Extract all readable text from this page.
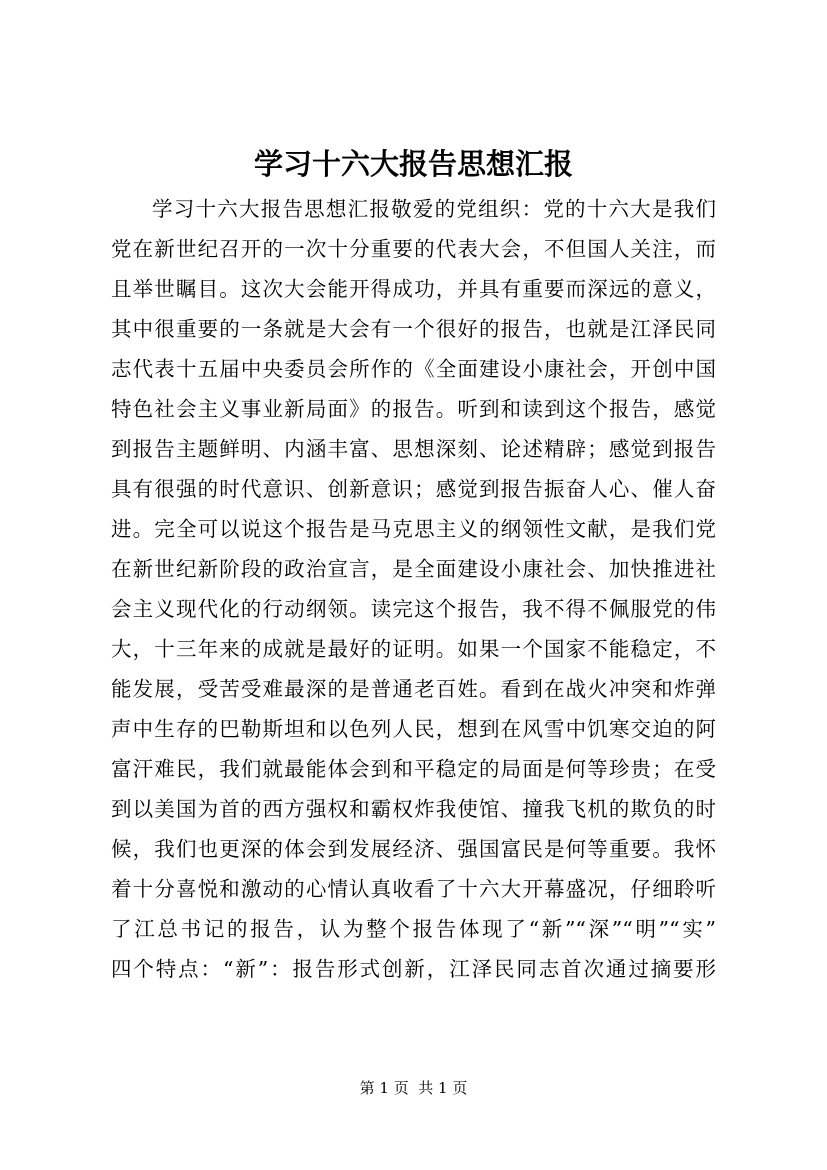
学习十六大报告思想汇报
学习十六大报告思想汇报敬爱的党组织：党的十六大是我们
党在新世纪召开的一次十分重要的代表大会，不但国人关注，而
且举世瞩目。这次大会能开得成功，并具有重要而深远的意义，
其中很重要的一条就是大会有一个很好的报告，也就是江泽民同
志代表十五届中央委员会所作的《全面建设小康社会，开创中国
特色社会主义事业新局面》的报告。听到和读到这个报告，感觉
到报告主题鲜明、内涵丰富、思想深刻、论述精辟；感觉到报告
具有很强的时代意识、创新意识；感觉到报告振奋人心、催人奋
进。完全可以说这个报告是马克思主义的纲领性文献，是我们党
在新世纪新阶段的政治宣言，是全面建设小康社会、加快推进社
会主义现代化的行动纲领。读完这个报告，我不得不佩服党的伟
大，十三年来的成就是最好的证明。如果一个国家不能稳定，不
能发展，受苦受难最深的是普通老百姓。看到在战火冲突和炸弹
声中生存的巴勒斯坦和以色列人民，想到在风雪中饥寒交迫的阿
富汗难民，我们就最能体会到和平稳定的局面是何等珍贵；在受
到以美国为首的西方强权和霸权炸我使馆、撞我飞机的欺负的时
候，我们也更深的体会到发展经济、强国富民是何等重要。我怀
着十分喜悦和激动的心情认真收看了十六大开幕盛况，仔细聆听
了江总书记的报告，认为整个报告体现了“新”“深”“明”“实”
四个特点：“新”：报告形式创新，江泽民同志首次通过摘要形
第 1 页  共 1 页
